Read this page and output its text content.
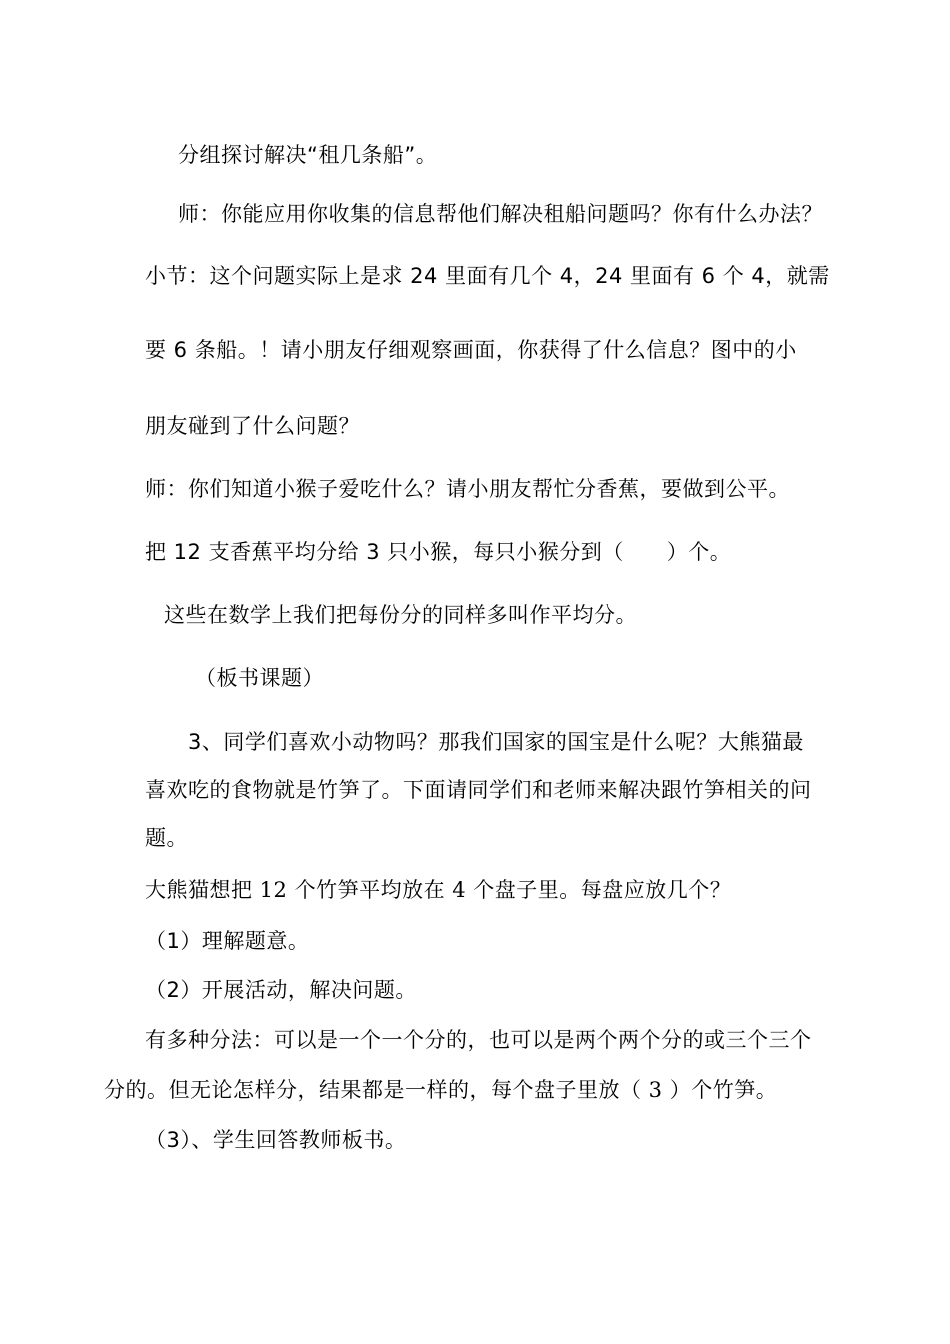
分组探讨解决“租几条船”。
师：你能应用你收集的信息帮他们解决租船问题吗？你有什么办法？
小节：这个问题实际上是求 24 里面有几个 4，24 里面有 6 个 4，就需
要 6 条船。！请小朋友仔细观察画面，你获得了什么信息？图中的小
朋友碰到了什么问题？
师：你们知道小猴子爱吃什么？请小朋友帮忙分香蕉，要做到公平。
把 12 支香蕉平均分给 3 只小猴，每只小猴分到（　　）个。
这些在数学上我们把每份分的同样多叫作平均分。
（板书课题）
3、同学们喜欢小动物吗？那我们国家的国宝是什么呢？大熊猫最
喜欢吃的食物就是竹笋了。下面请同学们和老师来解决跟竹笋相关的问
题。
大熊猫想把 12 个竹笋平均放在 4 个盘子里。每盘应放几个？
（1）理解题意。
（2）开展活动，解决问题。
有多种分法：可以是一个一个分的，也可以是两个两个分的或三个三个
分的。但无论怎样分，结果都是一样的，每个盘子里放（ 3 ）个竹笋。
（3）、学生回答教师板书。
